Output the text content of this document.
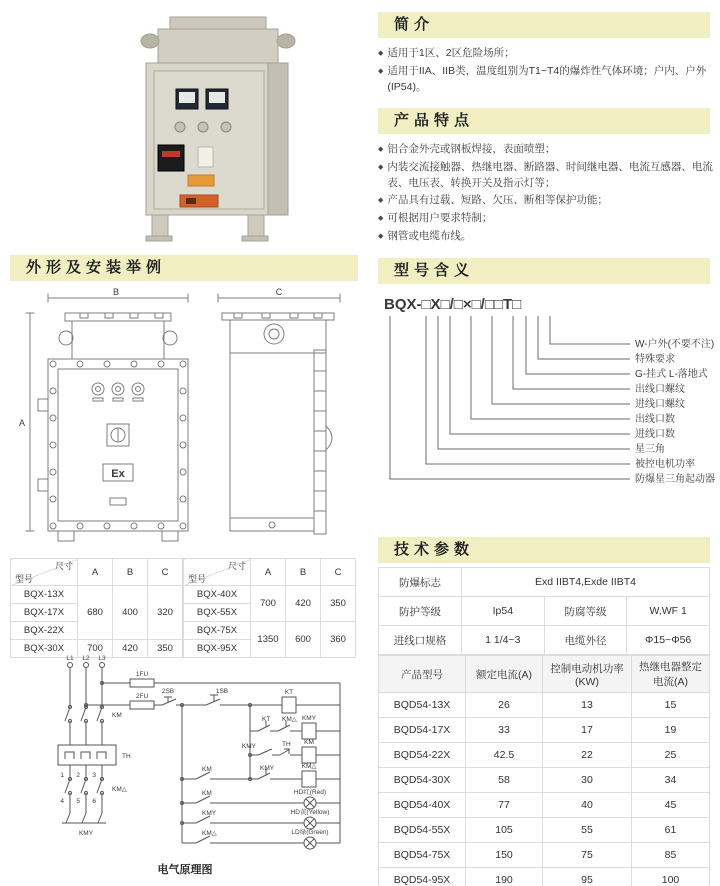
外形及安装举例
B
A
Ex
C
尺寸
型号	A	B	C
BQX-13X	680	400	320
BQX-17X			
BQX-22X			
BQX-30X	700	420	350
尺寸
型号	A	B	C
BQX-40X	700	420	350
BQX-55X			
BQX-75X	1350	600	360
BQX-95X			
L1 L2 L3
1FU
2FU
2SB	1SB	KT
KM
TH
KM△
KMY
1 2 3
4 5 6
KT KM△ KMY
KMY	TH KM
KM	KMY	KM△
KM	HD红(Red)
KMY	HD黄(Yellow)
KM△	LD绿(Green)
电气原理图
简介
◆ 适用于1区、2区危险场所；
◆ 适用于IIA、IIB类，温度组别为T1~T4的爆炸性气体环境；户内、户外(IP54)。
产品特点
◆ 铝合金外壳或钢板焊接，表面喷塑；
◆ 内装交流接触器、热继电器、断路器、时间继电器、电流互感器、电流表、电压表、转换开关及指示灯等；
◆ 产品具有过载、短路、欠压、断相等保护功能；
◆ 可根据用户要求特制；
◆ 钢管或电缆布线。
型号含义
BQX-□X□/□×□/□□T□
W-户外(不要不注)
特殊要求
G-挂式 L-落地式
出线口螺纹
进线口螺纹
出线口数
进线口数
星三角
被控电机功率
防爆星三角起动器
技术参数
防爆标志	Exd IIBT4,Exde IIBT4		
防护等级	Ip54	防腐等级	W,WF 1
进线口规格	1 1/4~3	电缆外径	Φ15~Φ56
产品型号	额定电流(A)	控制电动机功率(KW)	热继电器整定电流(A)
BQD54-13X	26	13	15
BQD54-17X	33	17	19
BQD54-22X	42.5	22	25
BQD54-30X	58	30	34
BQD54-40X	77	40	45
BQD54-55X	105	55	61
BQD54-75X	150	75	85
BQD54-95X	190	95	100
